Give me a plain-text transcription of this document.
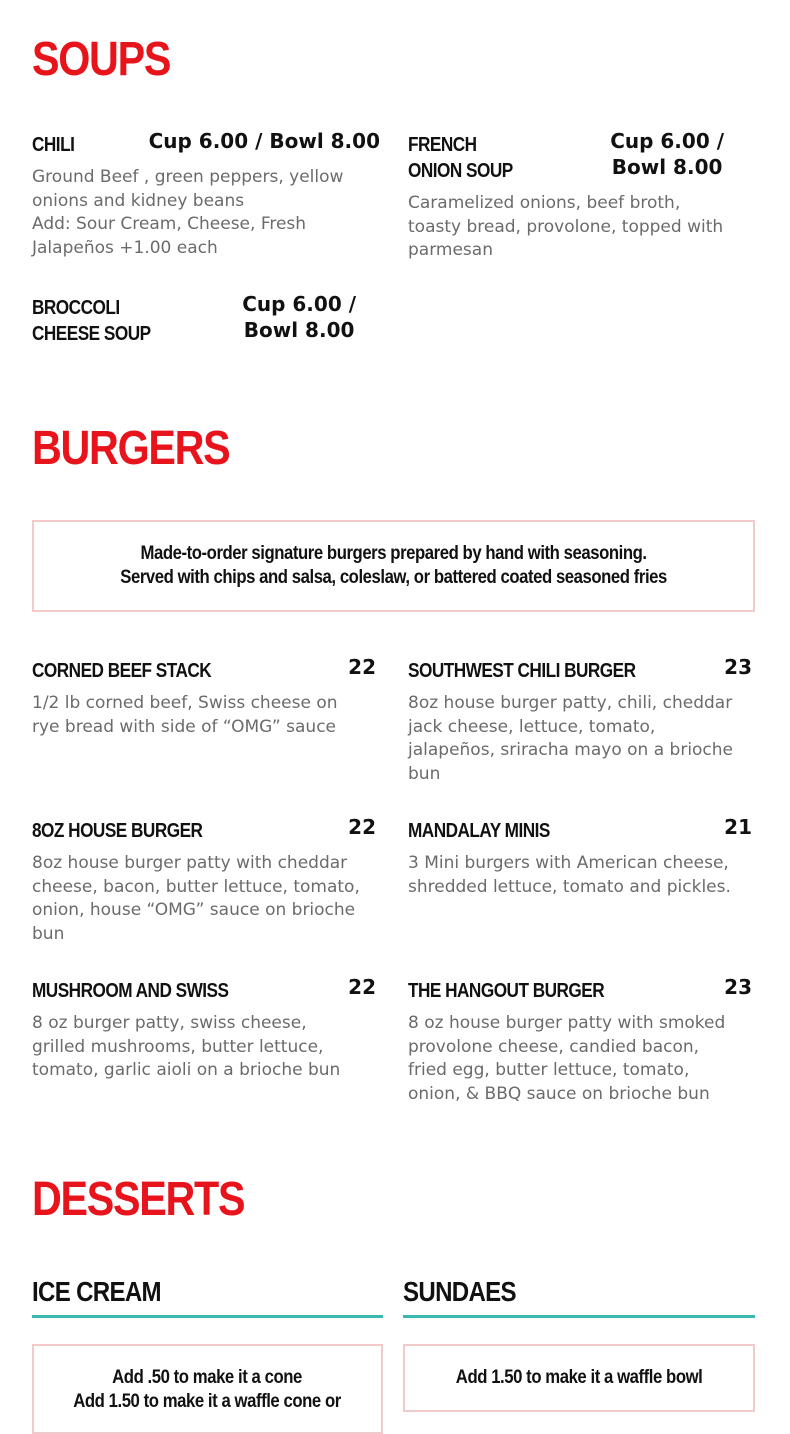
SOUPS
CHILI	Cup 6.00 / Bowl 8.00
Ground Beef , green peppers, yellow
onions and kidney beans
Add: Sour Cream, Cheese, Fresh
Jalapeños +1.00 each
FRENCH
ONION SOUP
Cup 6.00 /
Bowl 8.00
Caramelized onions, beef broth,
toasty bread, provolone, topped with
parmesan
BROCCOLI
CHEESE SOUP
Cup 6.00 /
Bowl 8.00
BURGERS
Made-to-order signature burgers prepared by hand with seasoning.
Served with chips and salsa, coleslaw, or battered coated seasoned fries
CORNED BEEF STACK	22
1/2 lb corned beef, Swiss cheese on
rye bread with side of “OMG” sauce
SOUTHWEST CHILI BURGER	23
8oz house burger patty, chili, cheddar
jack cheese, lettuce, tomato,
jalapeños, sriracha mayo on a brioche
bun
8OZ HOUSE BURGER	22
8oz house burger patty with cheddar
cheese, bacon, butter lettuce, tomato,
onion, house “OMG” sauce on brioche
bun
MANDALAY MINIS	21
3 Mini burgers with American cheese,
shredded lettuce, tomato and pickles.
MUSHROOM AND SWISS	22
8 oz burger patty, swiss cheese,
grilled mushrooms, butter lettuce,
tomato, garlic aioli on a brioche bun
THE HANGOUT BURGER	23
8 oz house burger patty with smoked
provolone cheese, candied bacon,
fried egg, butter lettuce, tomato,
onion, & BBQ sauce on brioche bun
DESSERTS
ICE CREAM	SUNDAES
Add .50 to make it a cone
Add 1.50 to make it a waffle cone or
Add 1.50 to make it a waffle bowl
